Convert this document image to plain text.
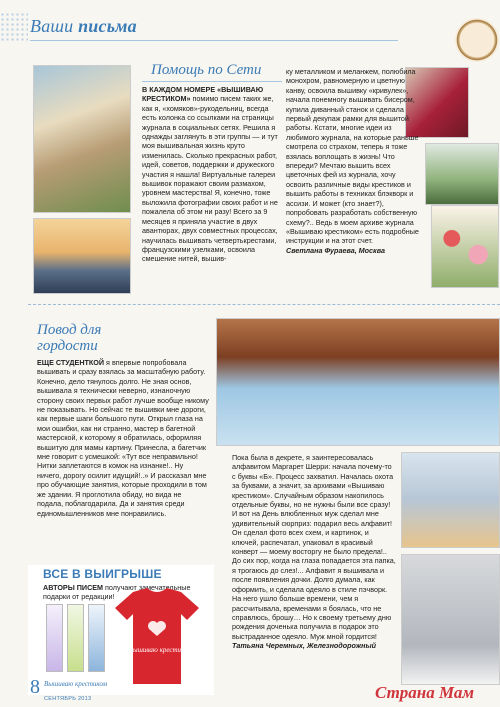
Ваши письма
Помощь по Сети

В КАЖДОМ НОМЕРЕ «ВЫШИВАЮ КРЕСТИКОМ» помимо писем таких же, как я, «хомяков»-рукодельниц, всегда есть колонка со ссылками на страницы журнала в социальных сетях. Решила я однажды заглянуть в эти группы — и тут моя вышивальная жизнь круто изменилась. Сколько прекрасных работ, идей, советов, поддержки и дружеского участия я нашла! Виртуальные галереи вышивок поражают своим размахом, уровнем мастерства! Я, конечно, тоже выложила фотографии своих работ и не пожалела об этом ни разу! Всего за 9 месяцев я приняла участие в двух авантюрах, двух совместных процессах, научилась вышивать четвертькрестами, французскими узелками, освоила смешение нитей, вышив-

ку металликом и меланжем, полюбила монохром, равномерную и цветную канву, освоила вышивку «кривулек», начала понемногу вышивать бисером, купила диванный станок и сделала первый декупаж рамки для вышитой работы. Кстати, многие идеи из любимого журнала, на которые раньше смотрела со страхом, теперь я тоже взялась воплощать в жизнь! Что впереди? Мечтаю вышить всех цветочных фей из журнала, хочу освоить различные виды крестиков и вышить работы в техниках блэкворк и ассизи. И может (кто знает?), попробовать разработать собственную схему?.. Ведь в моем архиве журнала «Вышиваю крестиком» есть подробные инструкции и на этот счет.

Светлана Фураева, Москва

Повод для
гордости

ЕЩЕ СТУДЕНТКОЙ я впервые попробовала вышивать и сразу взялась за масштабную работу. Конечно, дело тянулось долго. Не зная основ, вышивала я технически неверно, изнаночную сторону своих первых работ лучше вообще никому не показывать. Но сейчас те вышивки мне дороги, как первые шаги большого пути. Открыл глаза на мои ошибки, как ни странно, мастер в багетной мастерской, к которому я обратилась, оформляя вышитую для мамы картину. Принесла, а багетчик мне говорит с усмешкой: «Тут все неправильно! Нитки заплетаются в комок на изнанке!.. Ну ничего, дорогу осилит идущий!..» И рассказал мне про обучающие занятия, которые проходили в том же здании. Я проглотила обиду, но вида не подала, поблагодарила. Да и занятия среди единомышленников мне понравились.

Пока была в декрете, я заинтересовалась алфавитом Маргарет Шерри: начала почему-то с буквы «Б». Процесс захватил. Началась охота за буквами, а значит, за архивами «Вышиваю крестиком». Случайным образом накопилось отдельные буквы, но не нужны были все сразу! И вот на День влюбленных муж сделал мне удивительный сюрприз: подарил весь алфавит! Он сделал фото всех схем, и картинок, и ключей, распечатал, упаковал в красивый конверт — моему восторгу не было предела!.. До сих пор, когда на глаза попадается эта папка, я трогаюсь до слез!... Алфавит я вышивала и после появления дочки. Долго думала, как оформить, и сделала одеяло в стиле пэчворк. На него ушло больше времени, чем я рассчитывала, временами я боялась, что не справлюсь, брошу… Но к своему третьему дню рождения доченька получила в подарок это выстраданное одеяло. Муж мной гордится!

Татьяна Черемных, Железнодорожный

ВСЕ В ВЫИГРЫШЕ
АВТОРЫ ПИСЕМ получают замечательные подарки от редакции!
Я Вышиваю крестиком
8 Вышиваю крестиком
СЕНТЯБРЬ 2013	Страна Мам
